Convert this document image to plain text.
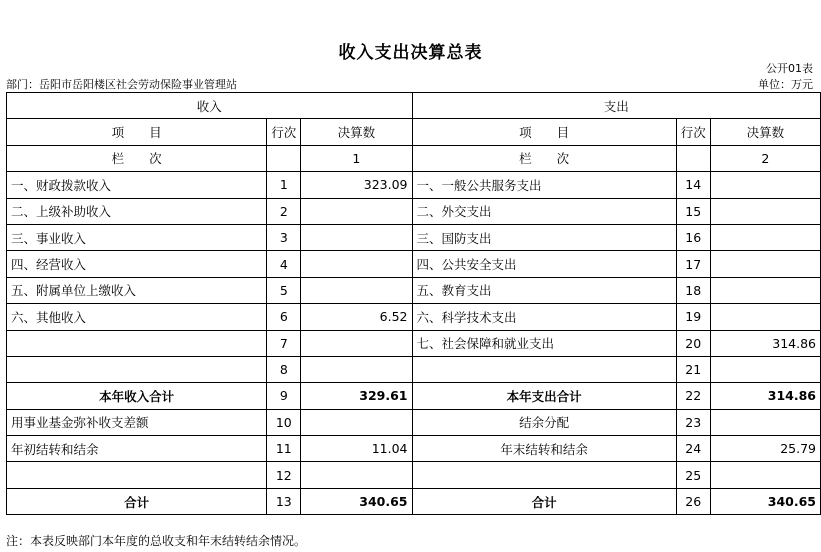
收入支出决算总表
公开01表
部门：岳阳市岳阳楼区社会劳动保险事业管理站	单位：万元
收入			支出		
项　　目	行次	决算数	项　　目	行次	决算数
栏　　次		1	栏　　次		2
一、财政拨款收入	1	323.09	一、一般公共服务支出	14	
二、上级补助收入	2		二、外交支出	15	
三、事业收入	3		三、国防支出	16	
四、经营收入	4		四、公共安全支出	17	
五、附属单位上缴收入	5		五、教育支出	18	
六、其他收入	6	6.52	六、科学技术支出	19	
	7		七、社会保障和就业支出	20	314.86
	8			21	
本年收入合计	9	329.61	本年支出合计	22	314.86
用事业基金弥补收支差额	10		结余分配	23	
年初结转和结余	11	11.04	年末结转和结余	24	25.79
	12			25	
合计	13	340.65	合计	26	340.65
注：本表反映部门本年度的总收支和年末结转结余情况。
